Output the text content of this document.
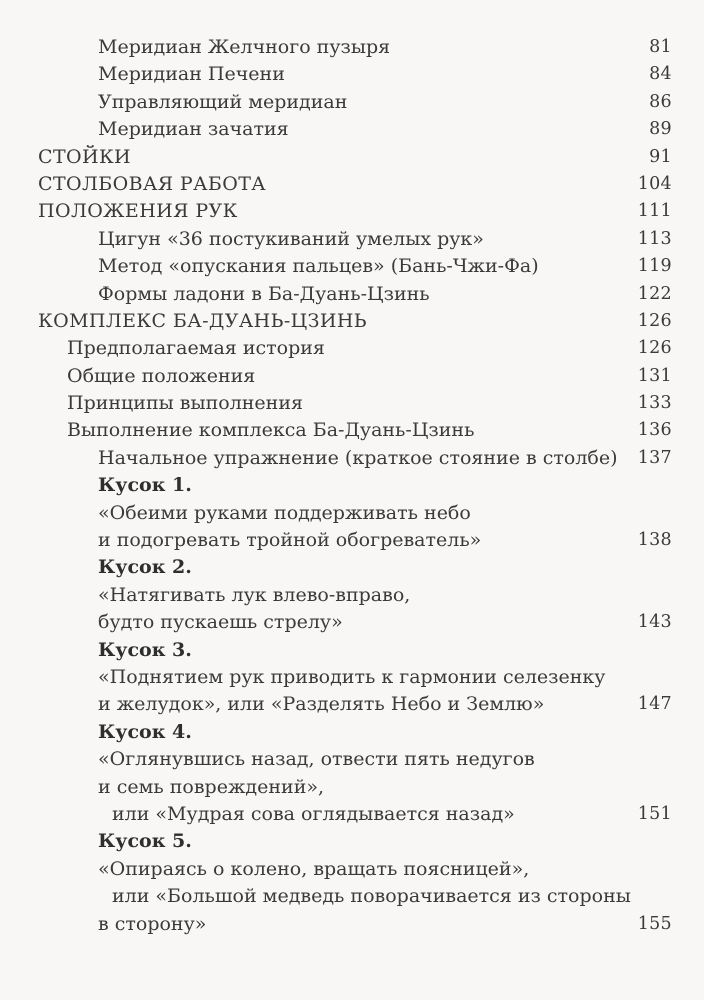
Меридиан Желчного пузыря	81
Меридиан Печени	84
Управляющий меридиан	86
Меридиан зачатия	89
СТОЙКИ	91
СТОЛБОВАЯ РАБОТА	104
ПОЛОЖЕНИЯ РУК	111
Цигун «36 постукиваний умелых рук»	113
Метод «опускания пальцев» (Бань-Чжи-Фа)	119
Формы ладони в Ба-Дуань-Цзинь	122
КОМПЛЕКС БА-ДУАНЬ-ЦЗИНЬ	126
Предполагаемая история	126
Общие положения	131
Принципы выполнения	133
Выполнение комплекса Ба-Дуань-Цзинь	136
Начальное упражнение (краткое стояние в столбе) 137
Кусок 1.
«Обеими руками поддерживать небо
и подогревать тройной обогреватель»	138
Кусок 2.
«Натягивать лук влево-вправо,
будто пускаешь стрелу»	143
Кусок 3.
«Поднятием рук приводить к гармонии селезенку
и желудок», или «Разделять Небо и Землю»	147
Кусок 4.
«Оглянувшись назад, отвести пять недугов
и семь повреждений»,
или «Мудрая сова оглядывается назад»	151
Кусок 5.
«Опираясь о колено, вращать поясницей»,
или «Большой медведь поворачивается из стороны
в сторону»	155
